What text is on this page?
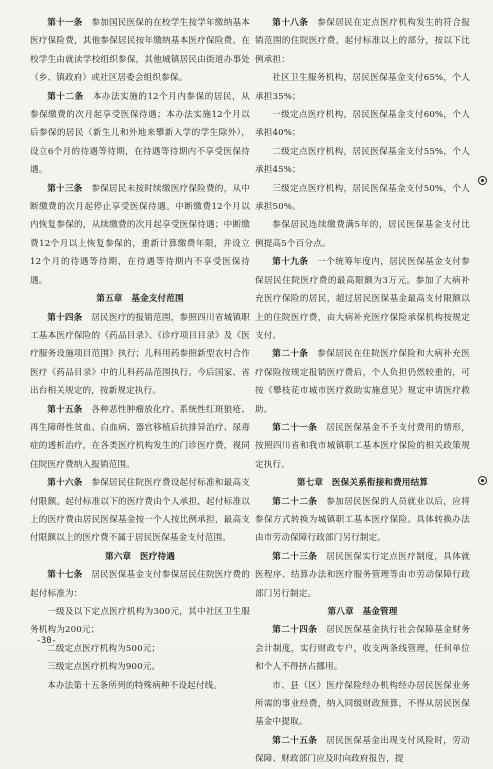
第十一条　 参加国民医保的在校学生按学年缴纳基本医疗保险费，其他参保居民按年缴纳基本医疗保险费。在校学生由就读学校组织参保，其他城镇居民由街道办事处（乡、镇政府）或社区居委会组织参保。

第十二条　 本办法实施的12个月内参保的居民，从参保缴费的次月起享受医保待遇；本办法实施12个月以后参保的居民（新生儿和外地来攀新入学的学生除外），设立6个月的待遇等待期，在待遇等待期内不享受医保待遇。

第十三条　 参保居民未按时续缴医疗保险费的，从中断缴费的次月起停止享受医保待遇。中断缴费12个月以内恢复参保的，从续缴费的次月起享受医保待遇；中断缴费12个月以上恢复参保的，重新计算缴费年限，并设立12个月的待遇等待期，在待遇等待期内不享受医保待遇。

第五章　基金支付范围

第十四条　 居民医疗的报销范围，参照四川省城镇职工基本医疗保险的《药品目录》、《诊疗项目目录》及《医疗服务设施项目范围》执行；儿科用药参照新型农村合作医疗《药品目录》中的儿科药品范围执行。今后国家、省出台相关规定的，按新规定执行。

第十五条　 各种恶性肿瘤放化疗、系统性红斑狼疮、再生障碍性贫血、白血病、器官移植后抗排异治疗、尿毒症的透析治疗，在各类医疗机构发生的门诊医疗费，视同住院医疗费纳入报销范围。

第十六条　 参保居民住院医疗费设起付标准和最高支付限额。起付标准以下的医疗费由个人承担，起付标准以上的医疗费由居民医保基金按一个人按比例承担，最高支付限额以上的医疗费不属于居民医保基金支付范围。

第六章　医疗待遇

第十七条　 居民医保基金支付参保居民住院医疗费的起付标准为：

一级及以下定点医疗机构为300元，其中社区卫生服务机构为200元；

二级定点医疗机构为500元；

三级定点医疗机构为900元。

本办法第十五条所列的特殊病种不设起付线。

第十八条　 参保居民在定点医疗机构发生的符合报销范围的住院医疗费，起付标准以上的部分，按以下比例承担：

社区卫生服务机构，居民医保基金支付65%，个人承担35%；

一级定点医疗机构，居民医保基金支付60%，个人承担40%；

二级定点医疗机构，居民医保基金支付55%，个人承担45%；

三级定点医疗机构，居民医保基金支付50%，个人承担50%。

参保居民连续缴费满5年的，居民医保基金支付比例提高5个百分点。

第十九条　 一个统筹年度内，居民医保基金支付参保居民住院医疗费的最高限额为3万元。参加了大病补充医疗保险的居民，超过居民医保基金最高支付限额以上的住院医疗费，由大病补充医疗保险承保机构按规定支付。

第二十条　 参保居民在住院医疗保险和大病补充医疗保险按规定报销医疗费后，个人负担仍然较重的，可按《攀枝花市城市医疗救助实施意见》规定申请医疗救助。

第二十一条　 居民医保基金不予支付费用的情形，按照四川省和我市城镇职工基本医疗保险的相关政策规定执行。

第七章　医保关系衔接和费用结算

第二十二条　 参加居民医保的人员就业以后，应将参保方式转换为城镇职工基本医疗保险。具体转换办法由市劳动保障行政部门另行制定。

第二十三条　 居民医保实行定点医疗制度，具体就医程序、结算办法和医疗服务管理等由市劳动保障行政部门另行制定。

第八章　基金管理

第二十四条　 居民医保基金执行社会保障基金财务会计制度，实行财政专户，收支两条线管理，任何单位和个人不得挤占挪用。

市、县（区）医疗保险经办机构经办居民医保业务所需的事业经费，纳入同级财政预算，不得从居民医保基金中提取。

第二十五条　 居民医保基金出现支付风险时，劳动保障、财政部门应及时向政府报告，提

-30-
